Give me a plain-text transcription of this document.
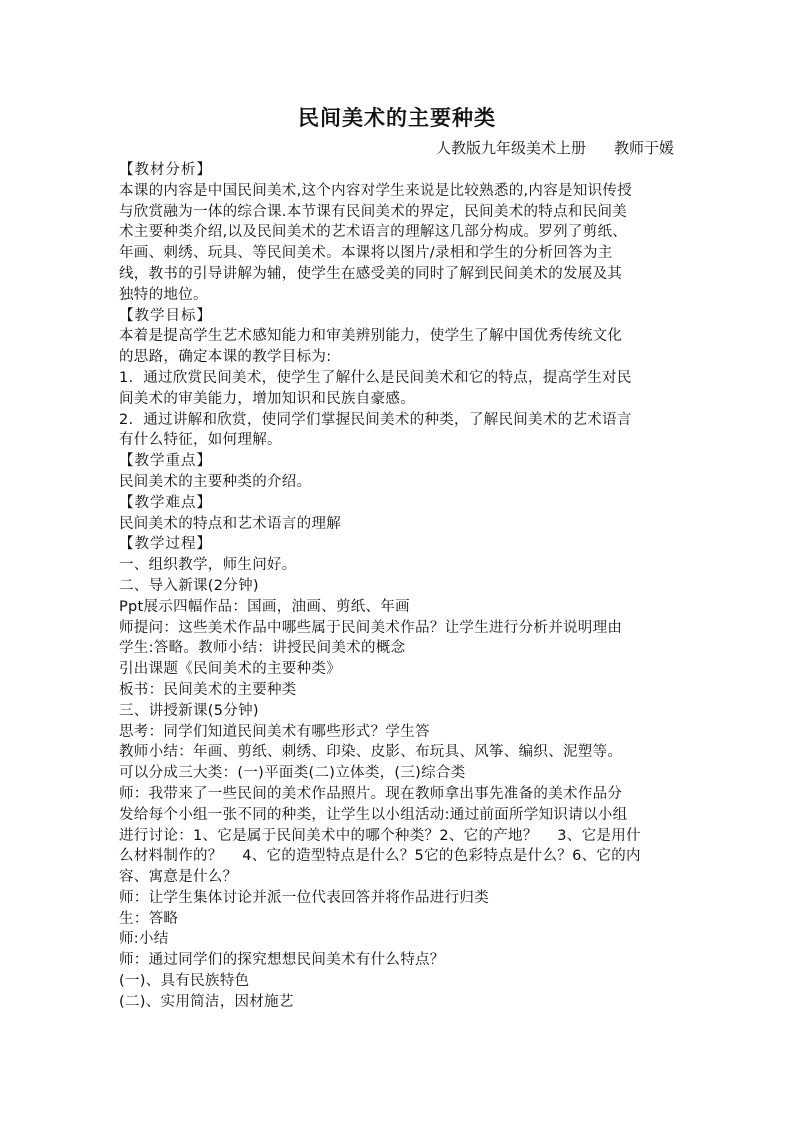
民间美术的主要种类
人教版九年级美术上册 教师于媛
【教材分析】
本课的内容是中国民间美术,这个内容对学生来说是比较熟悉的,内容是知识传授
与欣赏融为一体的综合课.本节课有民间美术的界定，民间美术的特点和民间美
术主要种类介绍,以及民间美术的艺术语言的理解这几部分构成。罗列了剪纸、
年画、刺绣、玩具、等民间美术。本课将以图片/录相和学生的分析回答为主
线，教书的引导讲解为辅，使学生在感受美的同时了解到民间美术的发展及其
独特的地位。
【教学目标】
本着是提高学生艺术感知能力和审美辨别能力，使学生了解中国优秀传统文化
的思路，确定本课的教学目标为:
1.  通过欣赏民间美术，使学生了解什么是民间美术和它的特点，提高学生对民
间美术的审美能力，增加知识和民族自豪感。
2.  通过讲解和欣赏，使同学们掌握民间美术的种类，了解民间美术的艺术语言
有什么特征，如何理解。
【教学重点】
民间美术的主要种类的介绍。
【教学难点】
民间美术的特点和艺术语言的理解
【教学过程】
一、组织教学，师生问好。
二、导入新课(2分钟)
Ppt展示四幅作品：国画，油画、剪纸、年画
师提问：这些美术作品中哪些属于民间美术作品？让学生进行分析并说明理由
学生:答略。教师小结：讲授民间美术的概念
引出课题《民间美术的主要种类》
板书：民间美术的主要种类
三、讲授新课(5分钟)
思考：同学们知道民间美术有哪些形式？学生答
教师小结：年画、剪纸、刺绣、印染、皮影、布玩具、风筝、编织、泥塑等。
可以分成三大类：(一)平面类(二)立体类，(三)综合类
师：我带来了一些民间的美术作品照片。现在教师拿出事先准备的美术作品分
发给每个小组一张不同的种类，让学生以小组活动:通过前面所学知识请以小组
进行讨论：1、它是属于民间美术中的哪个种类？2、它的产地？    3、它是用什
么材料制作的？    4、它的造型特点是什么？5它的色彩特点是什么？6、它的内
容、寓意是什么？
师：让学生集体讨论并派一位代表回答并将作品进行归类
生：答略
师:小结
师：通过同学们的探究想想民间美术有什么特点？
(一)、具有民族特色
(二)、实用简洁，因材施艺
